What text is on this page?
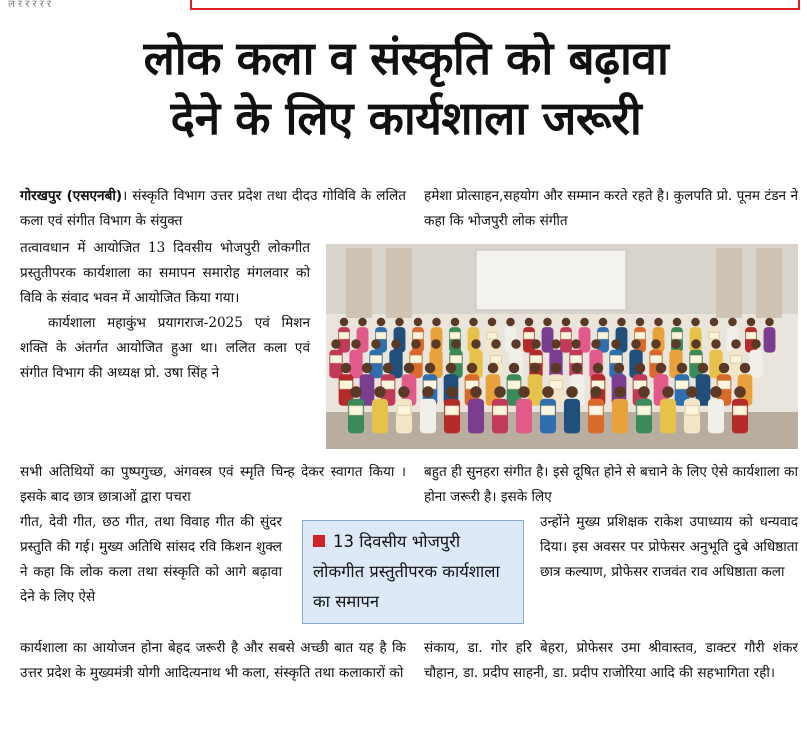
ल र र र र र
लोक कला व संस्कृति को बढ़ावा
देने के लिए कार्यशाला जरूरी

गोरखपुर (एसएनबी)। संस्कृति विभाग उत्तर प्रदेश तथा दीदउ गोविवि के ललित कला एवं संगीत विभाग के संयुक्त

तत्वावधान में आयोजित 13 दिवसीय भोजपुरी लोकगीत प्रस्तुतीपरक कार्यशाला का समापन समारोह मंगलवार को विवि के संवाद भवन में आयोजित किया गया।

कार्यशाला महाकुंभ प्रयागराज-2025 एवं मिशन शक्ति के अंतर्गत आयोजित हुआ था। ललित कला एवं संगीत विभाग की अध्यक्ष प्रो. उषा सिंह ने

सभी अतिथियों का पुष्पगुच्छ, अंगवस्त्र एवं स्मृति चिन्ह देकर स्वागत किया । इसके बाद छात्र छात्राओं द्वारा पचरा

गीत, देवी गीत, छठ गीत, तथा विवाह गीत की सुंदर प्रस्तुति की गई। मुख्य अतिथि सांसद रवि किशन शुक्ल ने कहा कि लोक कला तथा संस्कृति को आगे बढ़ावा देने के लिए ऐसे

कार्यशाला का आयोजन होना बेहद जरूरी है और सबसे अच्छी बात यह है कि उत्तर प्रदेश के मुख्यमंत्री योगी आदित्यनाथ भी कला, संस्कृति तथा कलाकारों को

हमेशा प्रोत्साहन,सहयोग और सम्मान करते रहते है। कुलपति प्रो. पूनम टंडन ने कहा कि भोजपुरी लोक संगीत

बहुत ही सुनहरा संगीत है। इसे दूषित होने से बचाने के लिए ऐसे कार्यशाला का होना जरूरी है। इसके लिए

उन्होंने मुख्य प्रशिक्षक राकेश उपाध्याय को धन्यवाद दिया। इस अवसर पर प्रोफेसर अनुभूति दुबे अधिष्ठाता छात्र कल्याण, प्रोफेसर राजवंत राव अधिष्ठाता कला

संकाय, डा. गोर हरि बेहरा, प्रोफेसर उमा श्रीवास्तव, डाक्टर गौरी शंकर चौहान, डा. प्रदीप साहनी, डा. प्रदीप राजोरिया आदि की सहभागिता रही।

13 दिवसीय भोजपुरी लोकगीत प्रस्तुतीपरक कार्यशाला का समापन
